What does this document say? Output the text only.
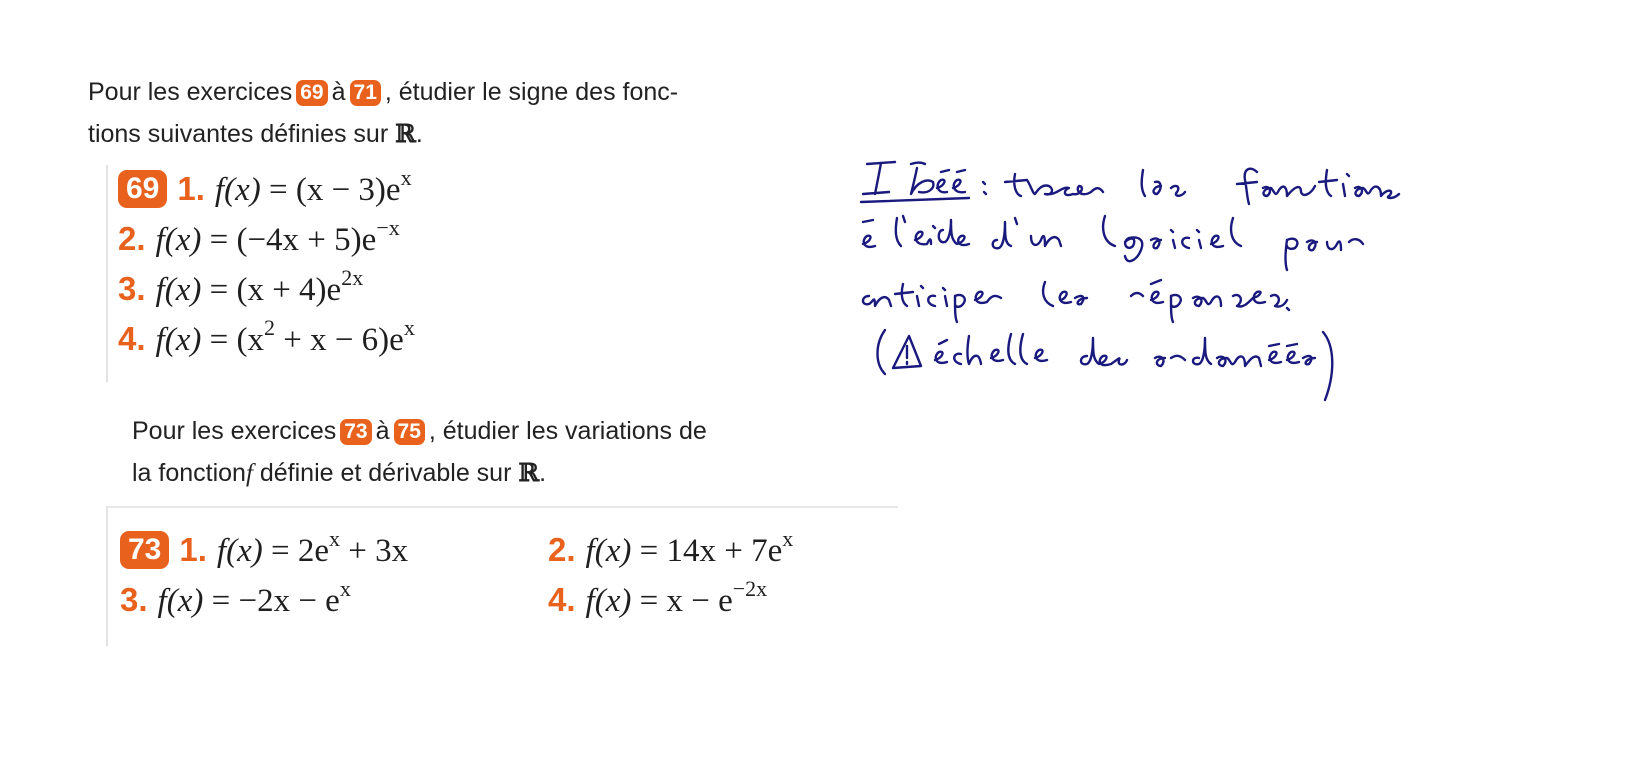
Pour les exercices 69 à 71 , étudier le signe des fonc-
tions suivantes définies sur ℝ.
69 1. $f(x) = (x - 3)e^x$
2. $f(x) = (-4x + 5)e^{-x}$
3. $f(x) = (x + 4)e^{2x}$
4. $f(x) = (x^2 + x - 6)e^x$
Pour les exercices 73 à 75 , étudier les variations de
la fonctionf définie et dérivable sur ℝ.
73 1. $f(x) = 2e^x + 3x$	2. $f(x) = 14x + 7e^x$
3. $f(x) = -2x - e^x$	4. $f(x) = x - e^{-2x}$
